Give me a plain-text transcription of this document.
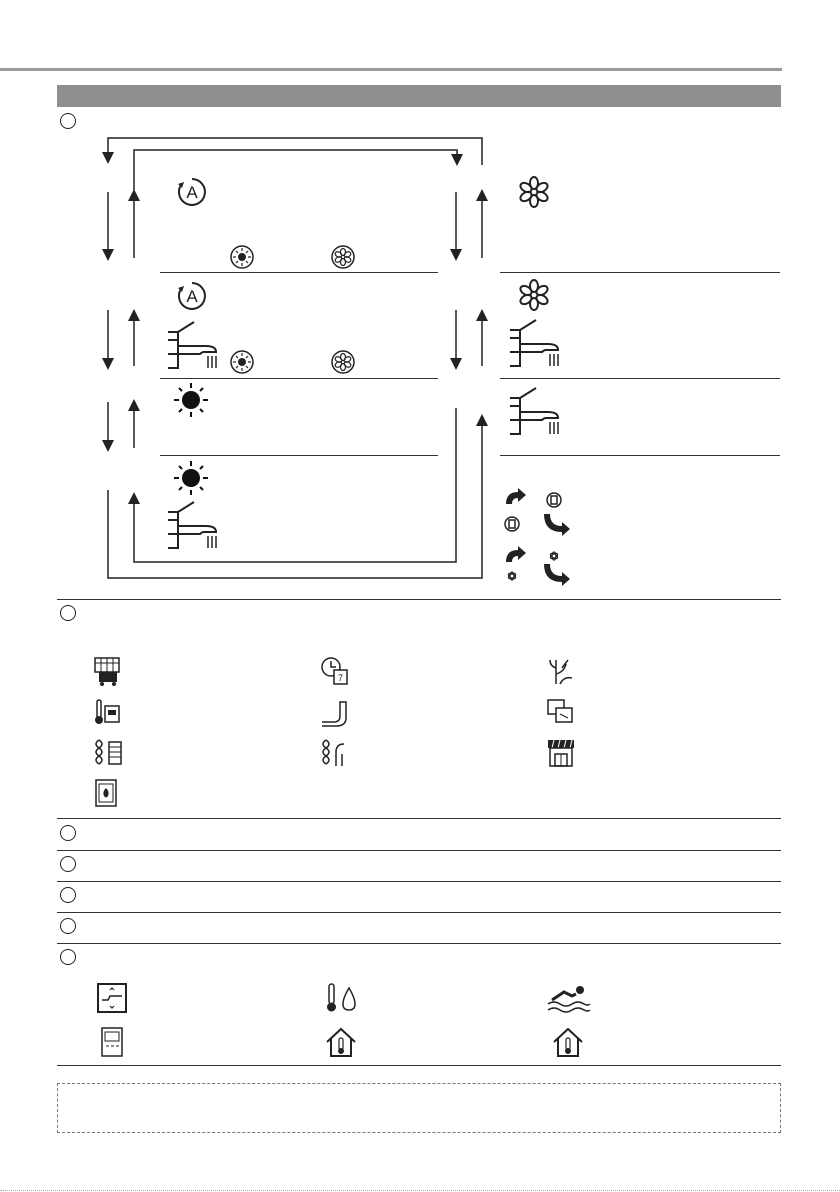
A
A
7
